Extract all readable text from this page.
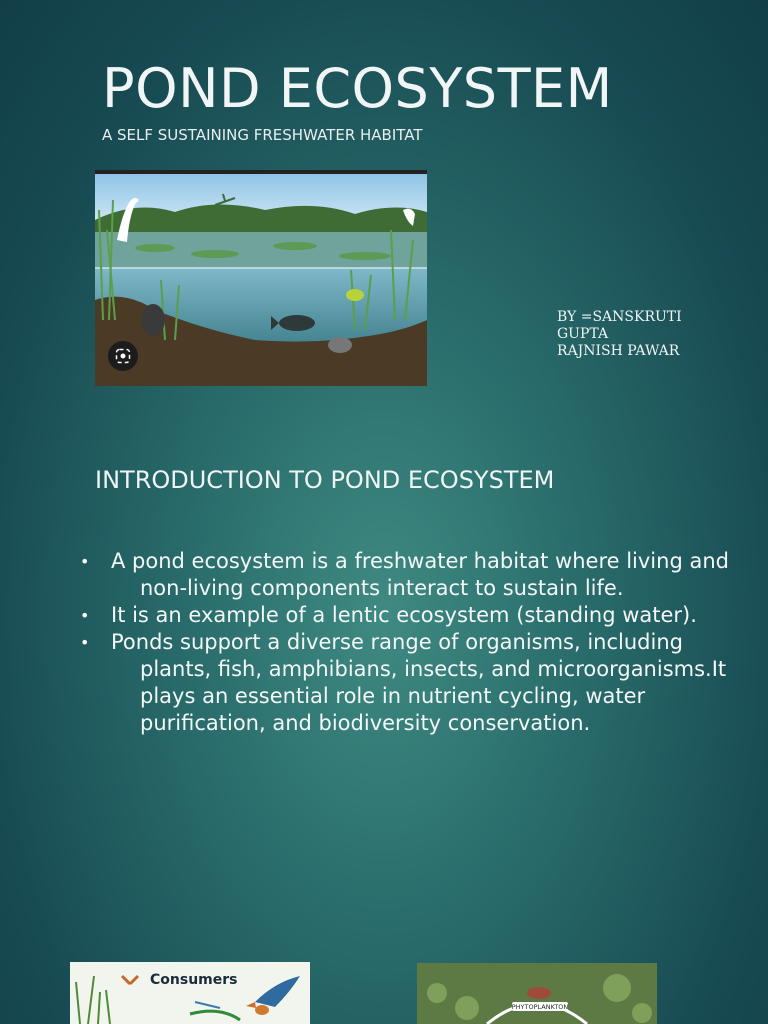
POND ECOSYSTEM
A SELF SUSTAINING FRESHWATER HABITAT
BY =SANSKRUTI
GUPTA
RAJNISH PAWAR
INTRODUCTION TO POND ECOSYSTEM
• A pond ecosystem is a freshwater habitat where living and non-living components interact to sustain life.
• It is an example of a lentic ecosystem (standing water).
• Ponds support a diverse range of organisms, including plants, fish, amphibians, insects, and microorganisms.It plays an essential role in nutrient cycling, water purification, and biodiversity conservation.
Consumers
PHYTOPLANKTON
